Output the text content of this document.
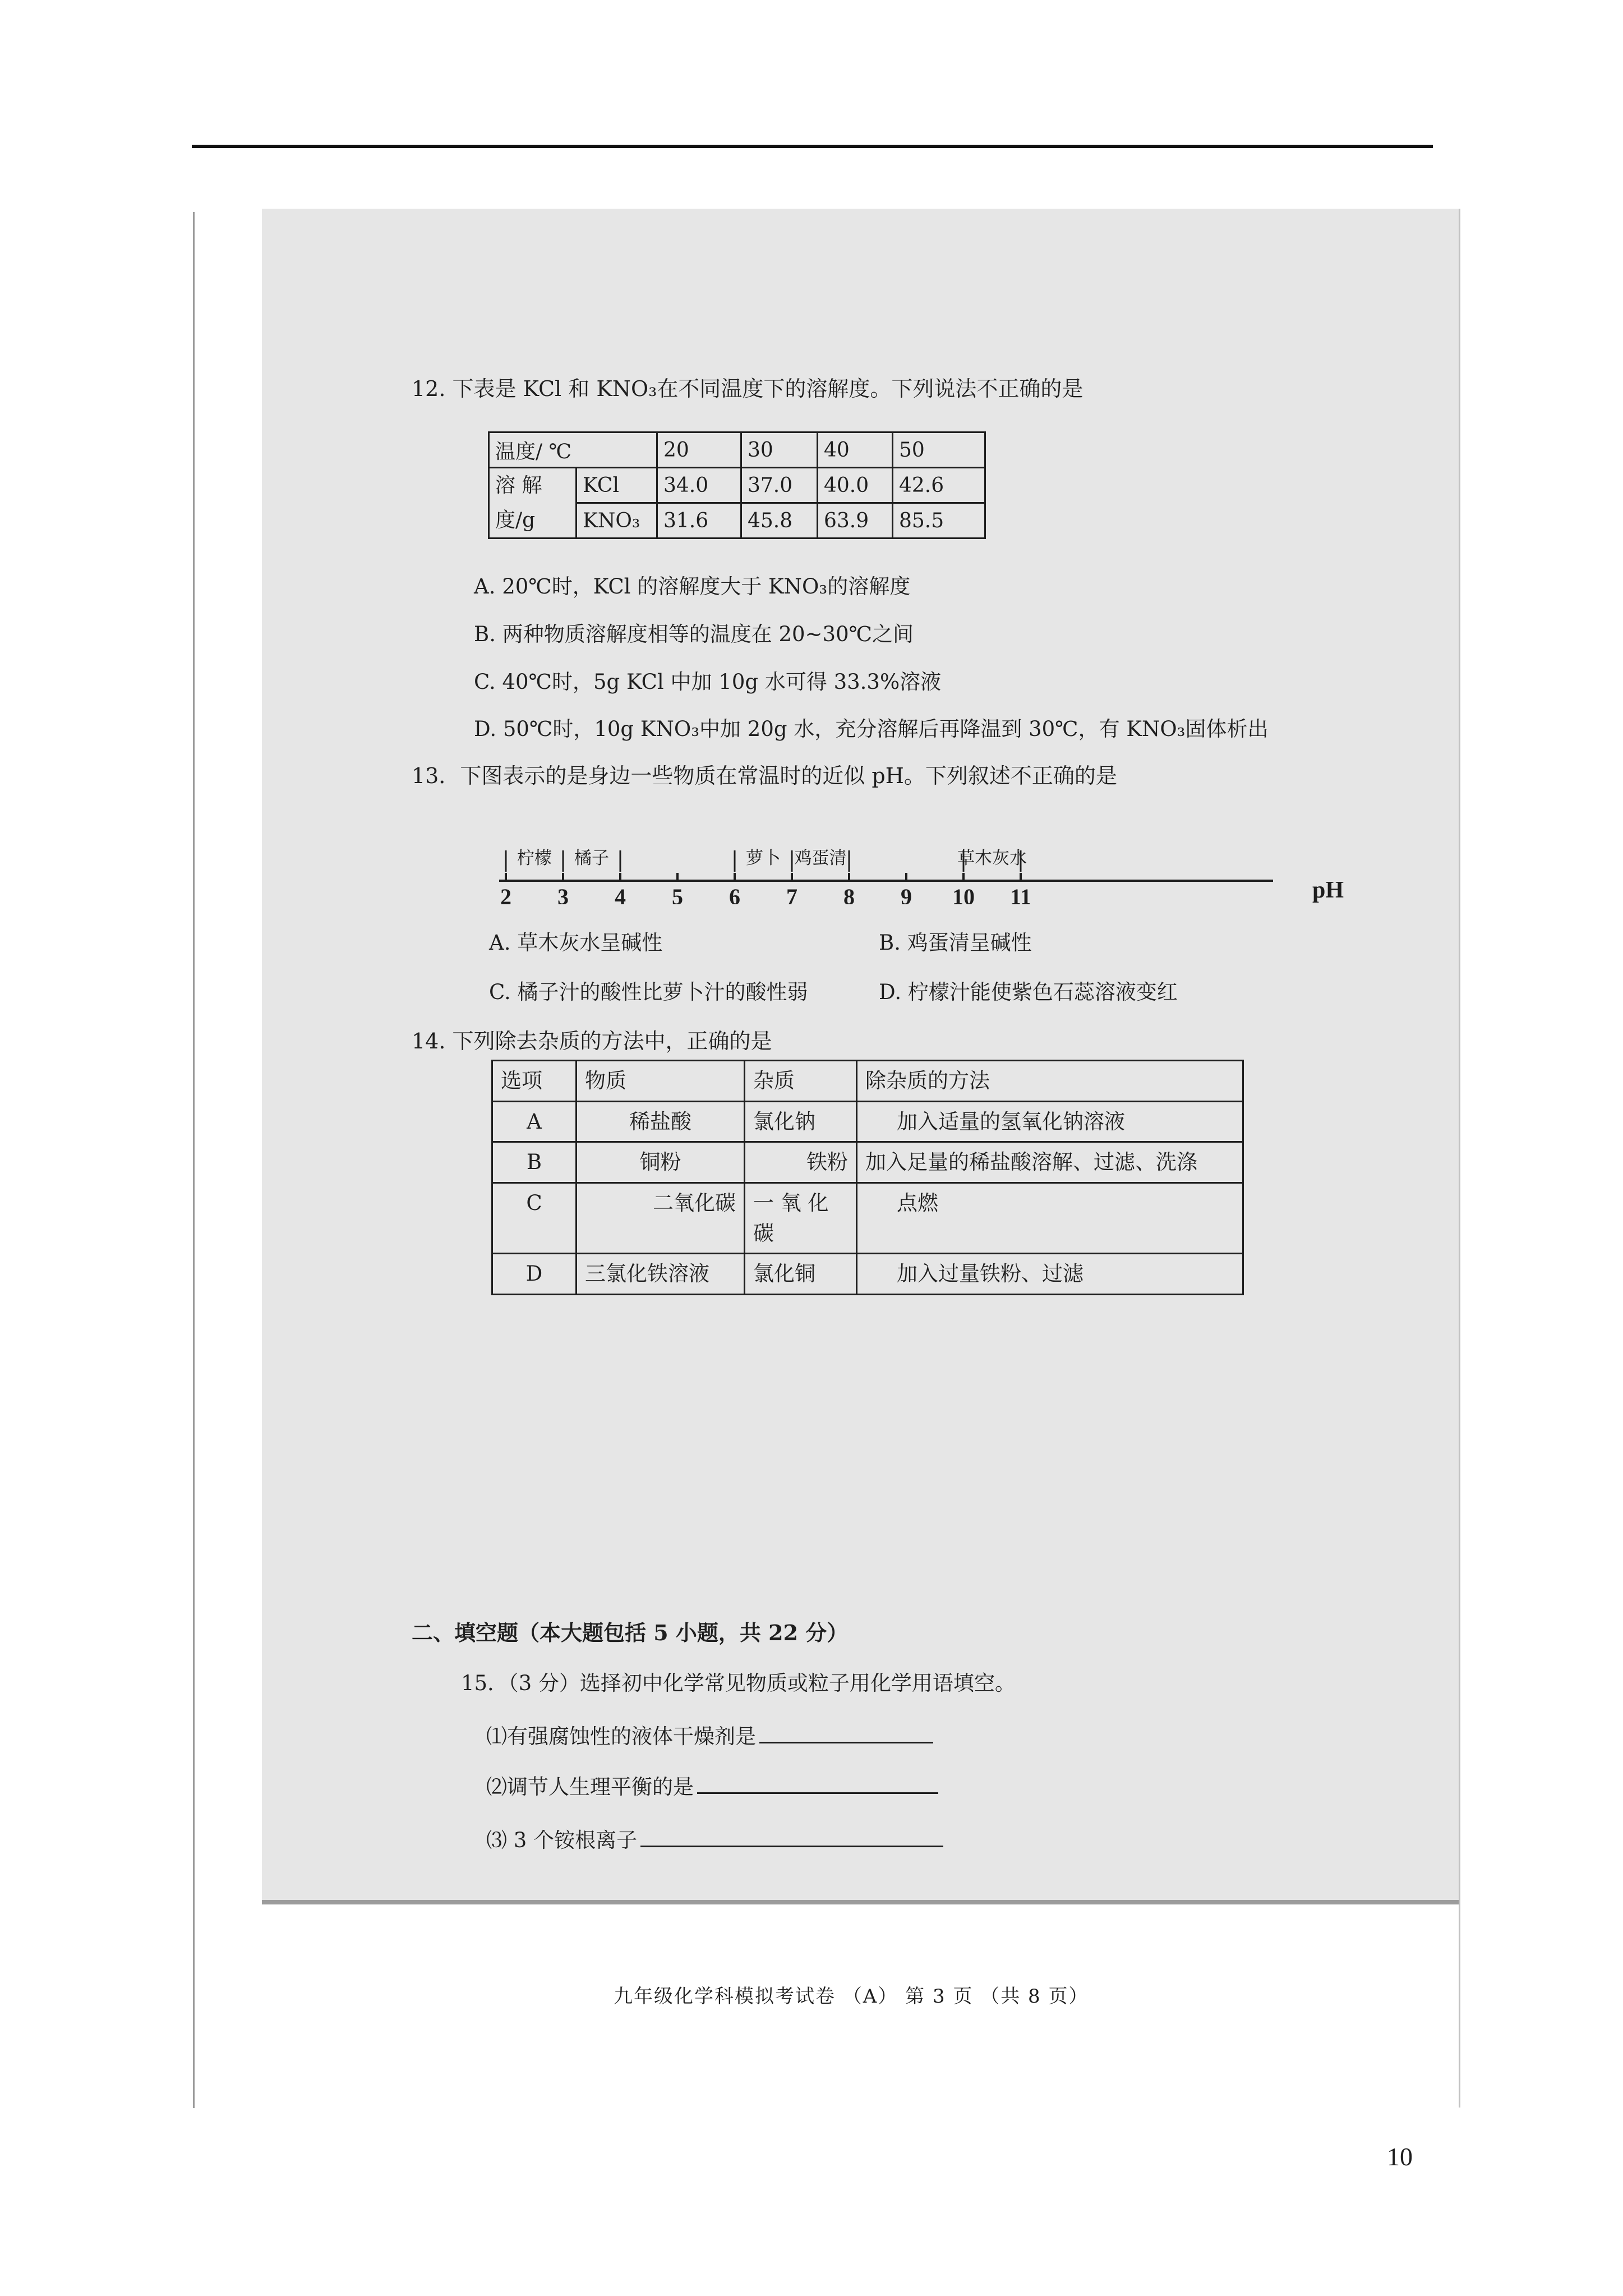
12. 下表是 KCl 和 KNO₃在不同温度下的溶解度。下列说法不正确的是
温度/ ℃		20	30	40	50
溶 解
度/g	KCl	34.0	37.0	40.0	42.6
	KNO₃	31.6	45.8	63.9	85.5
A. 20℃时，KCl 的溶解度大于 KNO₃的溶解度
B. 两种物质溶解度相等的温度在 20~30℃之间
C. 40℃时，5g KCl 中加 10g 水可得 33.3%溶液
D. 50℃时，10g KNO₃中加 20g 水，充分溶解后再降温到 30℃，有 KNO₃固体析出
13．下图表示的是身边一些物质在常温时的近似 pH。下列叙述不正确的是
2 3 4 5 6 7 8 9 10 11
柠檬 橘子	萝卜 鸡蛋清	草木灰水
pH
A. 草木灰水呈碱性	B. 鸡蛋清呈碱性
C. 橘子汁的酸性比萝卜汁的酸性弱	D. 柠檬汁能使紫色石蕊溶液变红
14. 下列除去杂质的方法中，正确的是
选项	物质	杂质	除杂质的方法
A	稀盐酸	氯化钠	加入适量的氢氧化钠溶液
B	铜粉	铁粉	加入足量的稀盐酸溶解、过滤、洗涤
C	二氧化碳	一 氧 化碳	点燃
D	三氯化铁溶液	氯化铜	加入过量铁粉、过滤
二、填空题（本大题包括 5 小题，共 22 分）
15．（3 分）选择初中化学常见物质或粒子用化学用语填空。
⑴有强腐蚀性的液体干燥剂是
⑵调节人生理平衡的是
⑶ 3 个铵根离子
九年级化学科模拟考试卷 （A） 第 3 页 （共 8 页）
10
